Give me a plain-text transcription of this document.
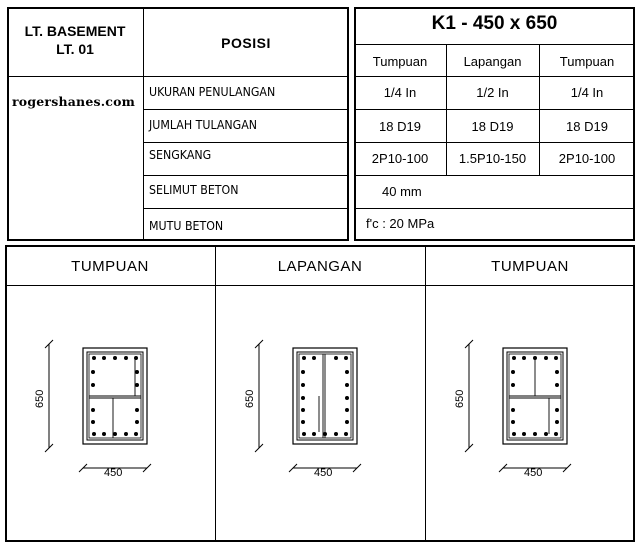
LT. BASEMENT
LT. 01	POSISI
rogershanes.com
UKURAN PENULANGAN
JUMLAH TULANGAN
SENGKANG
SELIMUT BETON
MUTU BETON
K1 - 450 x 650
Tumpuan	Lapangan	Tumpuan
1/4 In	1/2 In	1/4 In
18 D19	18 D19	18 D19
2P10-100	1.5P10-150	2P10-100
40 mm
f'c : 20 MPa
TUMPUAN	LAPANGAN	TUMPUAN
650
450
650
450
650
450
